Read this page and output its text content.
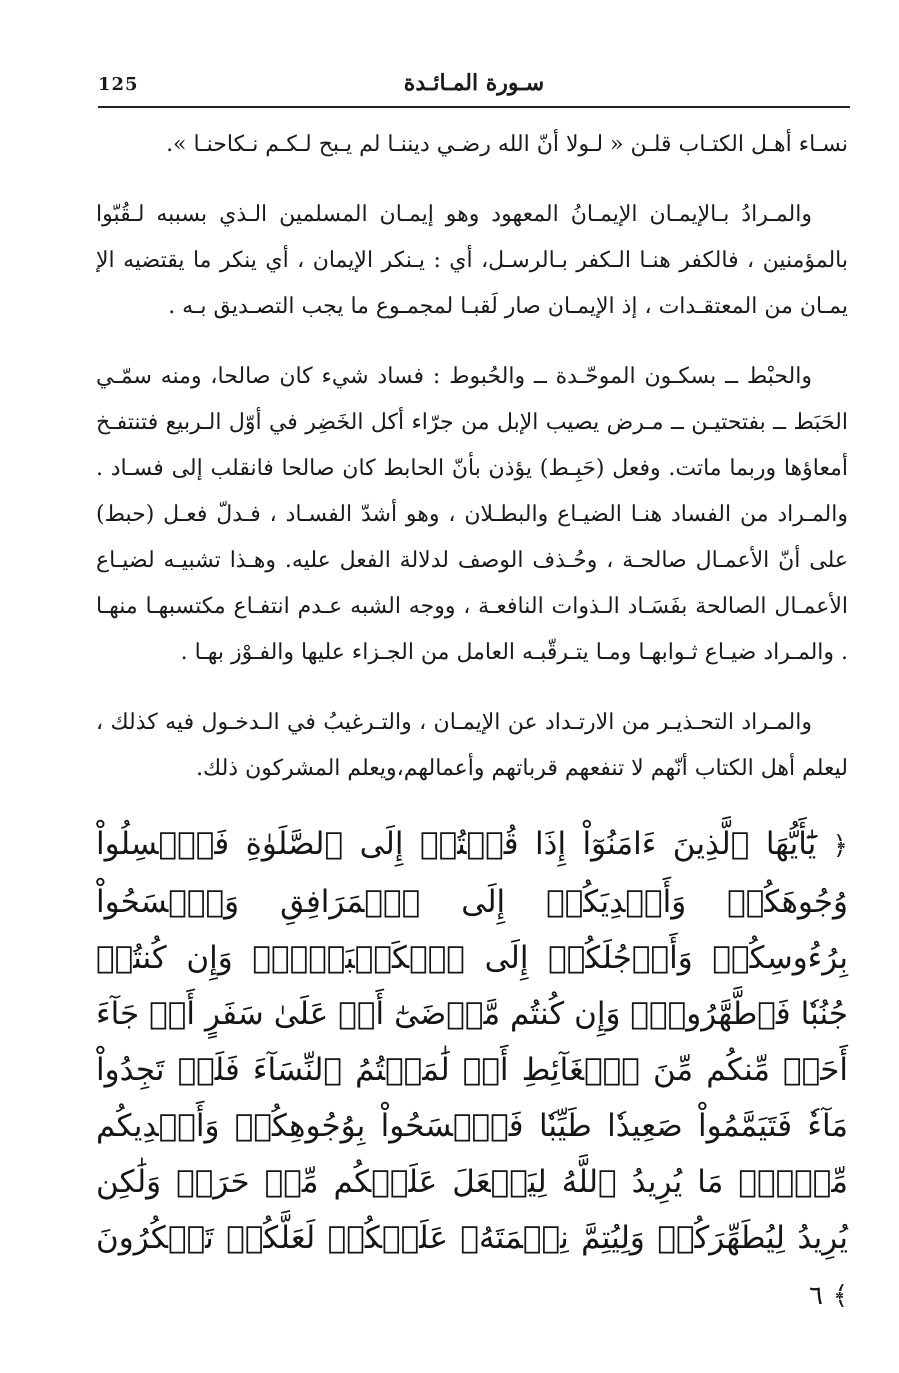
125	سـورة المـائـدة

نسـاء أهـل الكتـاب قلـن « لـولا أنّ الله رضـي ديننـا لم يـبح لـكـم نـكاحنـا ».

والمـرادُ بـالإيمـان الإيمـانُ المعهود وهو إيمـان المسلمين الـذي بسببه لـقُبّوا بالمؤمنين ، فالكفر هنـا الـكفر بـالرسـل، أي : يـنكر الإيمان ، أي ينكر ما يقتضيه الإ يمـان من المعتقـدات ، إذ الإيمـان صار لَقبـا لمجمـوع ما يجب التصـديق بـه .

والحبْط ــ بسكـون الموحّـدة ــ والحُبوط : فساد شيء كان صالحا، ومنه سمّـي الحَبَط ــ بفتحتيـن ــ مـرض يصيب الإبل من جرّاء أكل الخَضِر في أوّل الـربيع فتنتفـخ أمعاؤها وربما ماتت. وفعل (حَبِـط) يؤذن بأنّ الحابط كان صالحا فانقلب إلى فسـاد . والمـراد من الفساد هنـا الضيـاع والبطـلان ، وهو أشدّ الفسـاد ، فـدلّ فعـل (حبط) على أنّ الأعمـال صالحـة ، وحُـذف الوصف لدلالة الفعل عليه. وهـذا تشبيـه لضيـاع الأعمـال الصالحة بفَسَـاد الـذوات النافعـة ، ووجه الشبه عـدم انتفـاع مكتسبهـا منهـا . والمـراد ضيـاع ثـوابهـا ومـا يتـرقّبـه العامل من الجـزاء عليها والفـوْز بهـا .

والمـراد التحـذيـر من الارتـداد عن الإيمـان ، والتـرغيبُ في الـدخـول فيه كذلك ، ليعلم أهل الكتاب أنّهم لا تنفعهم قرباتهم وأعمالهم،ويعلم المشركون ذلك.

﴿ يَٰٓأَيُّهَا ٱلَّذِينَ ءَامَنُوٓاْ إِذَا قُمۡتُمۡ إِلَى ٱلصَّلَوٰةِ فَٱغۡسِلُواْ وُجُوهَكُمۡ وَأَيۡدِيَكُمۡ إِلَى ٱلۡمَرَافِقِ وَٱمۡسَحُواْ بِرُءُوسِكُمۡ وَأَرۡجُلَكُمۡ إِلَى ٱلۡكَعۡبَيۡنِۚ وَإِن كُنتُمۡ جُنُبٗا فَٱطَّهَّرُواْۚ وَإِن كُنتُم مَّرۡضَىٰٓ أَوۡ عَلَىٰ سَفَرٍ أَوۡ جَآءَ أَحَدٞ مِّنكُم مِّنَ ٱلۡغَآئِطِ أَوۡ لَٰمَسۡتُمُ ٱلنِّسَآءَ فَلَمۡ تَجِدُواْ مَآءٗ فَتَيَمَّمُواْ صَعِيدٗا طَيِّبٗا فَٱمۡسَحُواْ بِوُجُوهِكُمۡ وَأَيۡدِيكُم مِّنۡهُۚ مَا يُرِيدُ ٱللَّهُ لِيَجۡعَلَ عَلَيۡكُم مِّنۡ حَرَجٖ وَلَٰكِن يُرِيدُ لِيُطَهِّرَكُمۡ وَلِيُتِمَّ نِعۡمَتَهُۥ عَلَيۡكُمۡ لَعَلَّكُمۡ تَشۡكُرُونَ ﴾ ٦
